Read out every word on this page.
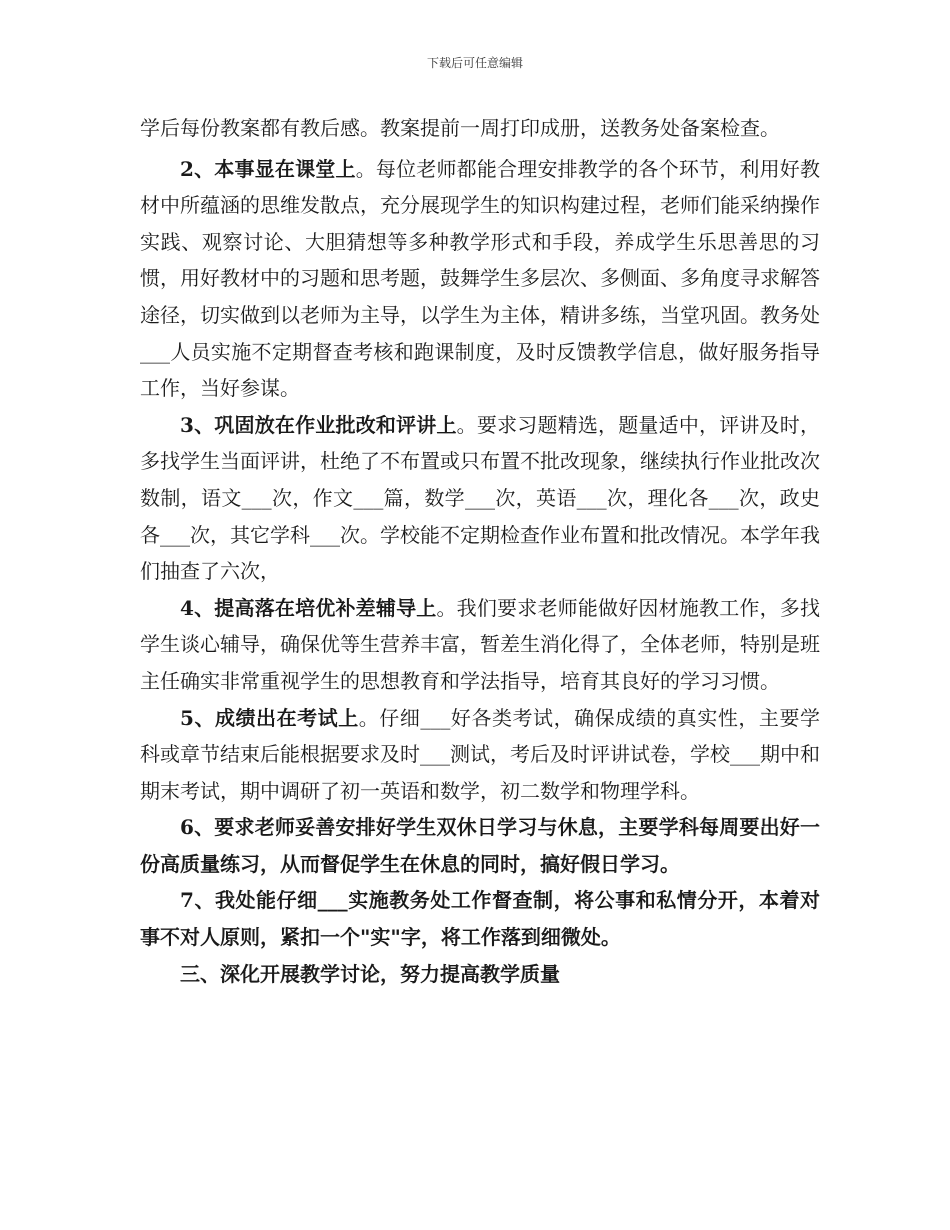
下载后可任意编辑

学后每份教案都有教后感。教案提前一周打印成册，送教务处备案检查。

2、本事显在课堂上。每位老师都能合理安排教学的各个环节，利用好教材中所蕴涵的思维发散点，充分展现学生的知识构建过程，老师们能采纳操作实践、观察讨论、大胆猜想等多种教学形式和手段，养成学生乐思善思的习惯，用好教材中的习题和思考题，鼓舞学生多层次、多侧面、多角度寻求解答途径，切实做到以老师为主导，以学生为主体，精讲多练，当堂巩固。教务处___人员实施不定期督查考核和跑课制度，及时反馈教学信息，做好服务指导工作，当好参谋。

3、巩固放在作业批改和评讲上。要求习题精选，题量适中，评讲及时，多找学生当面评讲，杜绝了不布置或只布置不批改现象，继续执行作业批改次数制，语文___次，作文___篇，数学___次，英语___次，理化各___次，政史各___次，其它学科___次。学校能不定期检查作业布置和批改情况。本学年我们抽查了六次，

4、提高落在培优补差辅导上。我们要求老师能做好因材施教工作，多找学生谈心辅导，确保优等生营养丰富，暂差生消化得了，全体老师，特别是班主任确实非常重视学生的思想教育和学法指导，培育其良好的学习习惯。

5、成绩出在考试上。仔细___好各类考试，确保成绩的真实性，主要学科或章节结束后能根据要求及时___测试，考后及时评讲试卷，学校___期中和期末考试，期中调研了初一英语和数学，初二数学和物理学科。

6、要求老师妥善安排好学生双休日学习与休息，主要学科每周要出好一份高质量练习，从而督促学生在休息的同时，搞好假日学习。

7、我处能仔细___实施教务处工作督查制，将公事和私情分开，本着对事不对人原则，紧扣一个"实"字，将工作落到细微处。

三、深化开展教学讨论，努力提高教学质量
